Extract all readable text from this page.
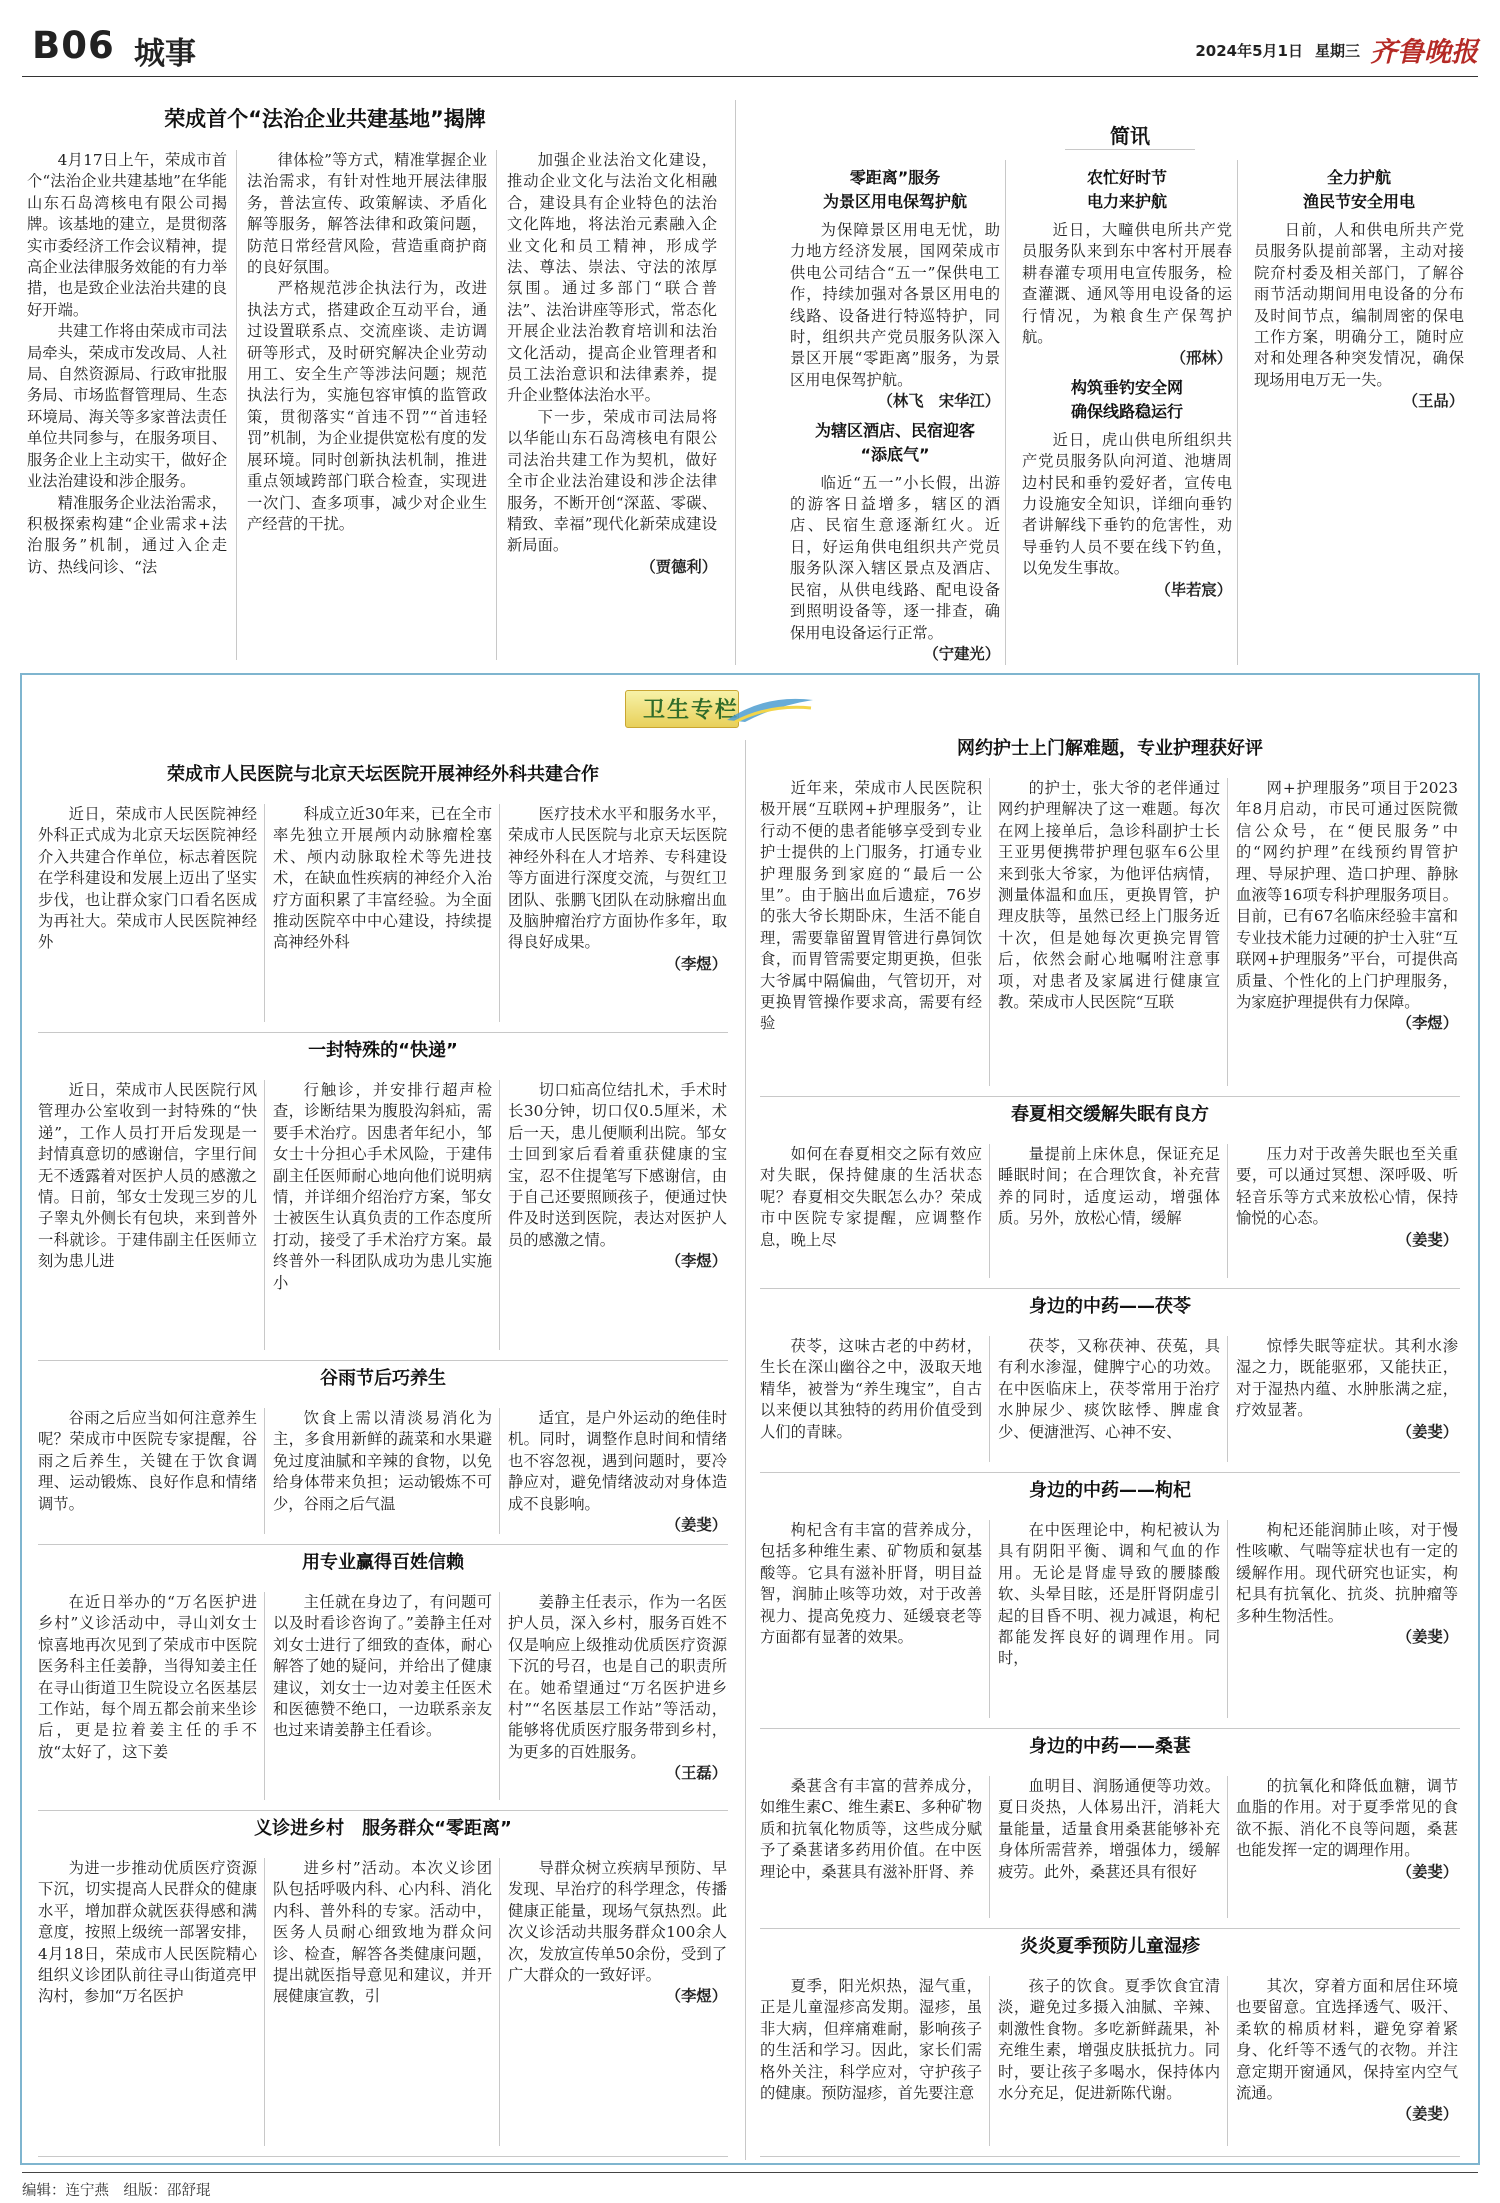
B06 城事	2024年5月1日 星期三 齐鲁晚报
荣成首个“法治企业共建基地”揭牌

4月17日上午，荣成市首个“法治企业共建基地”在华能山东石岛湾核电有限公司揭牌。该基地的建立，是贯彻落实市委经济工作会议精神，提高企业法律服务效能的有力举措，也是致企业法治共建的良好开端。

共建工作将由荣成市司法局牵头，荣成市发改局、人社局、自然资源局、行政审批服务局、市场监督管理局、生态环境局、海关等多家普法责任单位共同参与，在服务项目、服务企业上主动实干，做好企业法治建设和涉企服务。

精准服务企业法治需求，积极探索构建“企业需求+法治服务”机制，通过入企走访、热线问诊、“法

律体检”等方式，精准掌握企业法治需求，有针对性地开展法律服务，普法宣传、政策解读、矛盾化解等服务，解答法律和政策问题，防范日常经营风险，营造重商护商的良好氛围。

严格规范涉企执法行为，改进执法方式，搭建政企互动平台，通过设置联系点、交流座谈、走访调研等形式，及时研究解决企业劳动用工、安全生产等涉法问题；规范执法行为，实施包容审慎的监管政策，贯彻落实“首违不罚”“首违轻罚”机制，为企业提供宽松有度的发展环境。同时创新执法机制，推进重点领域跨部门联合检查，实现进一次门、查多项事，减少对企业生产经营的干扰。

加强企业法治文化建设，推动企业文化与法治文化相融合，建设具有企业特色的法治文化阵地，将法治元素融入企业文化和员工精神，形成学法、尊法、崇法、守法的浓厚氛围。通过多部门“联合普法”、法治讲座等形式，常态化开展企业法治教育培训和法治文化活动，提高企业管理者和员工法治意识和法律素养，提升企业整体法治水平。

下一步，荣成市司法局将以华能山东石岛湾核电有限公司法治共建工作为契机，做好全市企业法治建设和涉企法律服务，不断开创“深蓝、零碳、精致、幸福”现代化新荣成建设新局面。

（贾德利）
简讯
零距离”服务
为景区用电保驾护航

为保障景区用电无忧，助力地方经济发展，国网荣成市供电公司结合“五一”保供电工作，持续加强对各景区用电的线路、设备进行特巡特护，同时，组织共产党员服务队深入景区开展“零距离”服务，为景区用电保驾护航。

（林飞　宋华江）
为辖区酒店、民宿迎客
“添底气”

临近“五一”小长假，出游的游客日益增多，辖区的酒店、民宿生意逐渐红火。近日，好运角供电组织共产党员服务队深入辖区景点及酒店、民宿，从供电线路、配电设备到照明设备等，逐一排查，确保用电设备运行正常。

（宁建光）
农忙好时节
电力来护航

近日，大疃供电所共产党员服务队来到东中客村开展春耕春灌专项用电宣传服务，检查灌溉、通风等用电设备的运行情况，为粮食生产保驾护航。

（邢林）
构筑垂钓安全网
确保线路稳运行

近日，虎山供电所组织共产党员服务队向河道、池塘周边村民和垂钓爱好者，宣传电力设施安全知识，详细向垂钓者讲解线下垂钓的危害性，劝导垂钓人员不要在线下钓鱼，以免发生事故。

（毕若宸）
全力护航
渔民节安全用电

日前，人和供电所共产党员服务队提前部署，主动对接院夼村委及相关部门，了解谷雨节活动期间用电设备的分布及时间节点，编制周密的保电工作方案，明确分工，随时应对和处理各种突发情况，确保现场用电万无一失。

（王品）
卫生专栏
编辑：连宁燕　组版：邵舒琨
荣成市人民医院与北京天坛医院开展神经外科共建合作

近日，荣成市人民医院神经外科正式成为北京天坛医院神经介入共建合作单位，标志着医院在学科建设和发展上迈出了坚实步伐，也让群众家门口看名医成为再社大。荣成市人民医院神经外

科成立近30年来，已在全市率先独立开展颅内动脉瘤栓塞术、颅内动脉取栓术等先进技术，在缺血性疾病的神经介入治疗方面积累了丰富经验。为全面推动医院卒中中心建设，持续提高神经外科

医疗技术水平和服务水平，荣成市人民医院与北京天坛医院神经外科在人才培养、专科建设等方面进行深度交流，与贺红卫团队、张鹏飞团队在动脉瘤出血及脑肿瘤治疗方面协作多年，取得良好成果。

（李煜）
一封特殊的“快递”

近日，荣成市人民医院行风管理办公室收到一封特殊的“快递”，工作人员打开后发现是一封情真意切的感谢信，字里行间无不透露着对医护人员的感激之情。日前，邹女士发现三岁的儿子睾丸外侧长有包块，来到普外一科就诊。于建伟副主任医师立刻为患儿进

行触诊，并安排行超声检查，诊断结果为腹股沟斜疝，需要手术治疗。因患者年纪小，邹女士十分担心手术风险，于建伟副主任医师耐心地向他们说明病情，并详细介绍治疗方案，邹女士被医生认真负责的工作态度所打动，接受了手术治疗方案。最终普外一科团队成功为患儿实施小

切口疝高位结扎术，手术时长30分钟，切口仅0.5厘米，术后一天，患儿便顺利出院。邹女士回到家后看着重获健康的宝宝，忍不住提笔写下感谢信，由于自己还要照顾孩子，便通过快件及时送到医院，表达对医护人员的感激之情。

（李煜）
谷雨节后巧养生

谷雨之后应当如何注意养生呢？荣成市中医院专家提醒，谷雨之后养生，关键在于饮食调理、运动锻炼、良好作息和情绪调节。

饮食上需以清淡易消化为主，多食用新鲜的蔬菜和水果避免过度油腻和辛辣的食物，以免给身体带来负担；运动锻炼不可少，谷雨之后气温

适宜，是户外运动的绝佳时机。同时，调整作息时间和情绪也不容忽视，遇到问题时，要冷静应对，避免情绪波动对身体造成不良影响。

（姜斐）
用专业赢得百姓信赖

在近日举办的“万名医护进乡村”义诊活动中，寻山刘女士惊喜地再次见到了荣成市中医院医务科主任姜静，当得知姜主任在寻山街道卫生院设立名医基层工作站，每个周五都会前来坐诊后，更是拉着姜主任的手不放“太好了，这下姜

主任就在身边了，有问题可以及时看诊咨询了。”姜静主任对刘女士进行了细致的查体，耐心解答了她的疑问，并给出了健康建议，刘女士一边对姜主任医术和医德赞不绝口，一边联系亲友也过来请姜静主任看诊。

姜静主任表示，作为一名医护人员，深入乡村，服务百姓不仅是响应上级推动优质医疗资源下沉的号召，也是自己的职责所在。她希望通过“万名医护进乡村”“名医基层工作站”等活动，能够将优质医疗服务带到乡村，为更多的百姓服务。

（王磊）
义诊进乡村　服务群众“零距离”

为进一步推动优质医疗资源下沉，切实提高人民群众的健康水平，增加群众就医获得感和满意度，按照上级统一部署安排，4月18日，荣成市人民医院精心组织义诊团队前往寻山街道亮甲沟村，参加“万名医护

进乡村”活动。本次义诊团队包括呼吸内科、心内科、消化内科、普外科的专家。活动中，医务人员耐心细致地为群众问诊、检查，解答各类健康问题，提出就医指导意见和建议，并开展健康宣教，引

导群众树立疾病早预防、早发现、早治疗的科学理念，传播健康正能量，现场气氛热烈。此次义诊活动共服务群众100余人次，发放宣传单50余份，受到了广大群众的一致好评。

（李煜）
网约护士上门解难题，专业护理获好评

近年来，荣成市人民医院积极开展“互联网+护理服务”，让行动不便的患者能够享受到专业护士提供的上门服务，打通专业护理服务到家庭的“最后一公里”。由于脑出血后遗症，76岁的张大爷长期卧床，生活不能自理，需要靠留置胃管进行鼻饲饮食，而胃管需要定期更换，但张大爷属中隔偏曲，气管切开，对更换胃管操作要求高，需要有经验

的护士，张大爷的老伴通过网约护理解决了这一难题。每次在网上接单后，急诊科副护士长王亚男便携带护理包驱车6公里来到张大爷家，为他评估病情，测量体温和血压，更换胃管，护理皮肤等，虽然已经上门服务近十次，但是她每次更换完胃管后，依然会耐心地嘱咐注意事项，对患者及家属进行健康宣教。荣成市人民医院“互联

网+护理服务”项目于2023年8月启动，市民可通过医院微信公众号，在“便民服务”中的“网约护理”在线预约胃管护理、导尿护理、造口护理、静脉血液等16项专科护理服务项目。目前，已有67名临床经验丰富和专业技术能力过硬的护士入驻“互联网+护理服务”平台，可提供高质量、个性化的上门护理服务，为家庭护理提供有力保障。

（李煜）
春夏相交缓解失眠有良方

如何在春夏相交之际有效应对失眠，保持健康的生活状态呢？春夏相交失眠怎么办？荣成市中医院专家提醒，应调整作息，晚上尽

量提前上床休息，保证充足睡眠时间；在合理饮食，补充营养的同时，适度运动，增强体质。另外，放松心情，缓解

压力对于改善失眠也至关重要，可以通过冥想、深呼吸、听轻音乐等方式来放松心情，保持愉悦的心态。

（姜斐）
身边的中药——茯苓

茯苓，这味古老的中药材，生长在深山幽谷之中，汲取天地精华，被誉为“养生瑰宝”，自古以来便以其独特的药用价值受到人们的青睐。

茯苓，又称茯神、茯菟，具有利水渗湿，健脾宁心的功效。在中医临床上，茯苓常用于治疗水肿尿少、痰饮眩悸、脾虚食少、便溏泄泻、心神不安、

惊悸失眠等症状。其利水渗湿之力，既能驱邪，又能扶正，对于湿热内蕴、水肿胀满之症，疗效显著。

（姜斐）
身边的中药——枸杞

枸杞含有丰富的营养成分，包括多种维生素、矿物质和氨基酸等。它具有滋补肝肾，明目益智，润肺止咳等功效，对于改善视力、提高免疫力、延缓衰老等方面都有显著的效果。

在中医理论中，枸杞被认为具有阴阳平衡、调和气血的作用。无论是肾虚导致的腰膝酸软、头晕目眩，还是肝肾阴虚引起的目昏不明、视力减退，枸杞都能发挥良好的调理作用。同时，

枸杞还能润肺止咳，对于慢性咳嗽、气喘等症状也有一定的缓解作用。现代研究也证实，枸杞具有抗氧化、抗炎、抗肿瘤等多种生物活性。

（姜斐）
身边的中药——桑葚

桑葚含有丰富的营养成分，如维生素C、维生素E、多种矿物质和抗氧化物质等，这些成分赋予了桑葚诸多药用价值。在中医理论中，桑葚具有滋补肝肾、养

血明目、润肠通便等功效。夏日炎热，人体易出汗，消耗大量能量，适量食用桑葚能够补充身体所需营养，增强体力，缓解疲劳。此外，桑葚还具有很好

的抗氧化和降低血糖，调节血脂的作用。对于夏季常见的食欲不振、消化不良等问题，桑葚也能发挥一定的调理作用。

（姜斐）
炎炎夏季预防儿童湿疹

夏季，阳光炽热，湿气重，正是儿童湿疹高发期。湿疹，虽非大病，但痒痛难耐，影响孩子的生活和学习。因此，家长们需格外关注，科学应对，守护孩子的健康。预防湿疹，首先要注意

孩子的饮食。夏季饮食宜清淡，避免过多摄入油腻、辛辣、刺激性食物。多吃新鲜蔬果，补充维生素，增强皮肤抵抗力。同时，要让孩子多喝水，保持体内水分充足，促进新陈代谢。

其次，穿着方面和居住环境也要留意。宜选择透气、吸汗、柔软的棉质材料，避免穿着紧身、化纤等不透气的衣物。并注意定期开窗通风，保持室内空气流通。

（姜斐）
